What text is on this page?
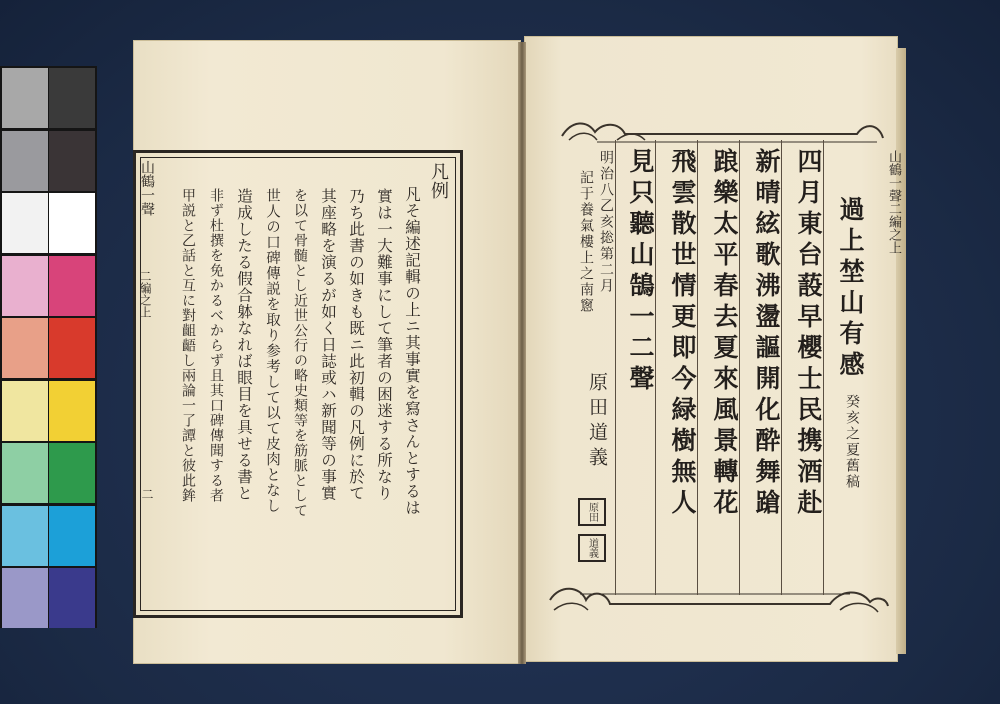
山鶴一聲
二編之上
二
凡例
凡そ編述記輯の上ニ其事實を寫さんとするは
實は一大難事にして筆者の困迷する所なり
乃ち此書の如きも既ニ此初輯の凡例に於て
其座略を演るが如く日誌或ハ新聞等の事實
を以て骨髄とし近世公行の略史類等を筋脈として
世人の口碑傳説を取り参考して以て皮肉となし
造成したる假合躰なれば眼目を具せる書と
非ず杜撰を免かるべからず且其口碑傳聞する者
甲説と乙話と互に對齟齬し兩論一了譚と彼此鉾	山鶴一聲二編之上
過上埜山有感
癸亥之夏舊稿
四月東台蔎早櫻士民携酒赴
新晴絃歌沸盪謳開化酔舞蹌
踉樂太平春去夏來風景轉花
飛雲散世情更即今緑樹無人
見只聽山鵠一二聲
明治八乙亥捴第二月
記于養氣樓上之南窻
原田道義
原田
道義
